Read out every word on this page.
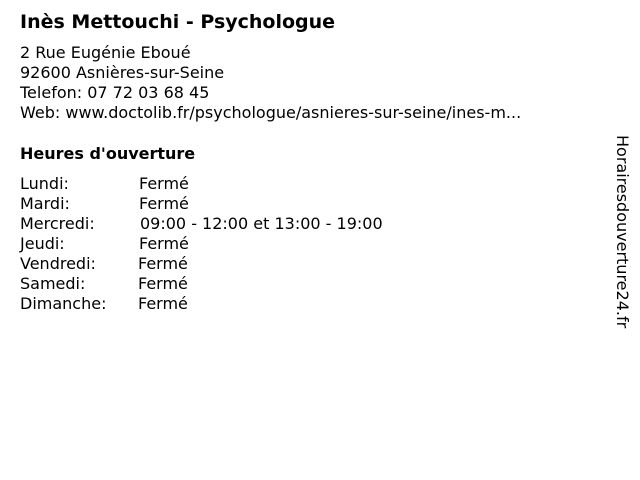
Inès Mettouchi - Psychologue
2 Rue Eugénie Eboué
92600 Asnières-sur-Seine
Telefon: 07 72 03 68 45
Web: www.doctolib.fr/psychologue/asnieres-sur-seine/ines-m...
Heures d'ouverture
Lundi:	Fermé
Mardi:	Fermé
Mercredi:	09:00 - 12:00 et 13:00 - 19:00
Jeudi:	Fermé
Vendredi:	Fermé
Samedi:	Fermé
Dimanche: Fermé	Horairesdouverture24.fr
